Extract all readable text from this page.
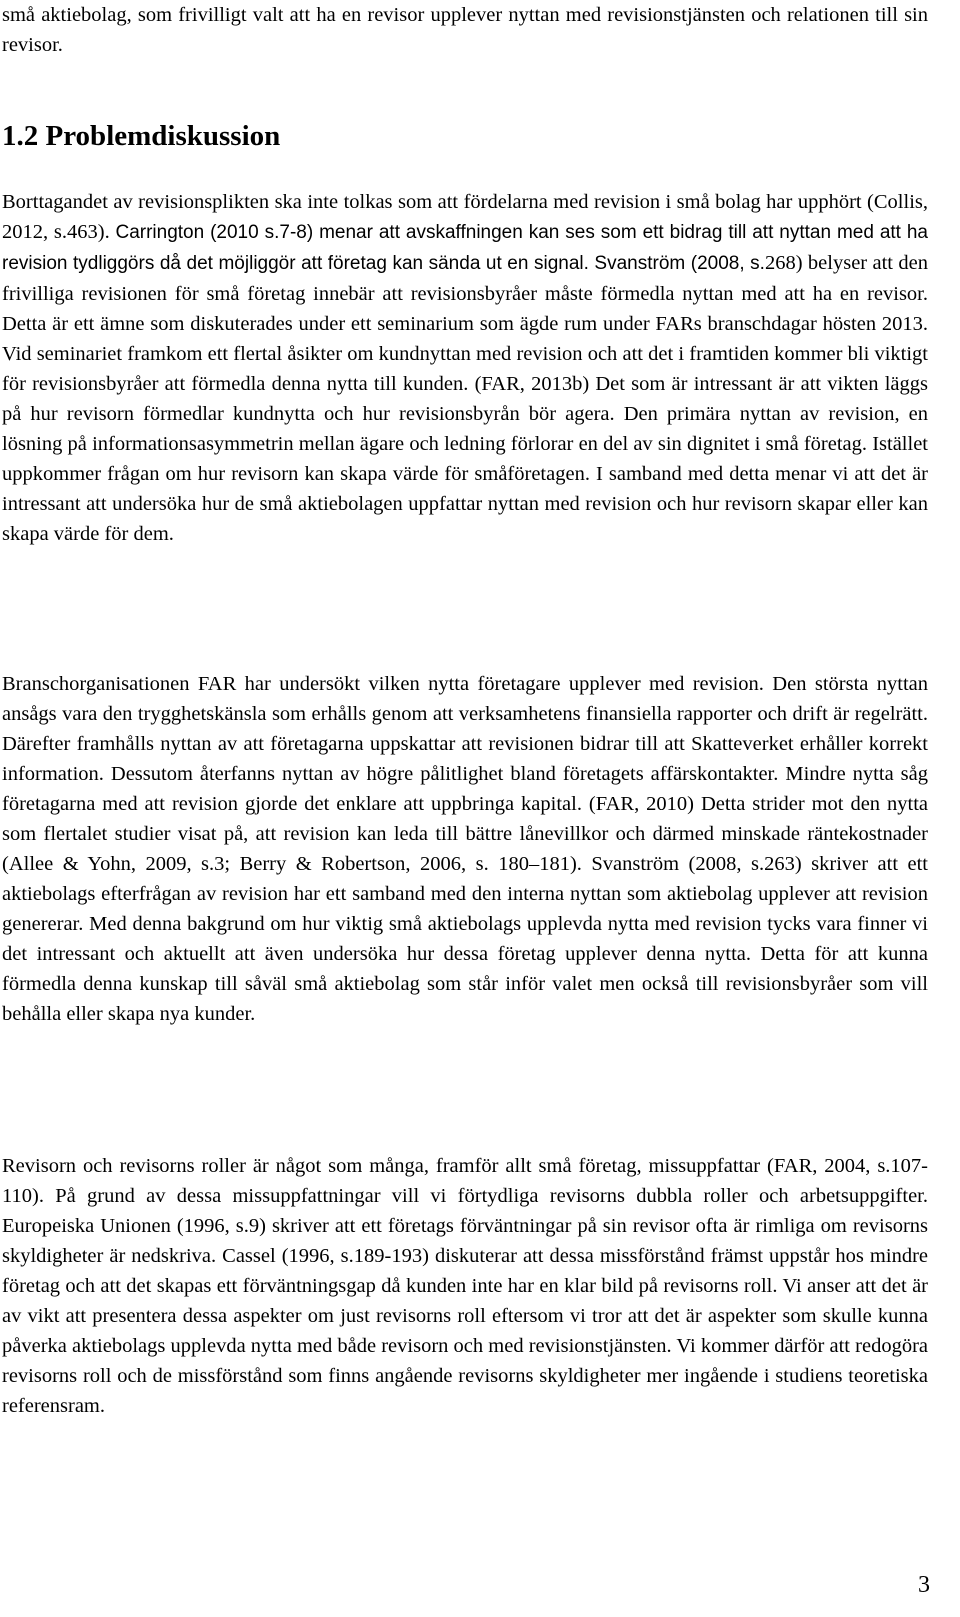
små aktiebolag, som frivilligt valt att ha en revisor upplever nyttan med revisionstjänsten och relationen till sin revisor.

1.2 Problemdiskussion

Borttagandet av revisionsplikten ska inte tolkas som att fördelarna med revision i små bolag har upphört (Collis, 2012, s.463). Carrington (2010 s.7-8) menar att avskaffningen kan ses som ett bidrag till att nyttan med att ha revision tydliggörs då det möjliggör att företag kan sända ut en signal. Svanström (2008, s.268) belyser att den frivilliga revisionen för små företag innebär att revisionsbyråer måste förmedla nyttan med att ha en revisor. Detta är ett ämne som diskuterades under ett seminarium som ägde rum under FARs branschdagar hösten 2013. Vid seminariet framkom ett flertal åsikter om kundnyttan med revision och att det i framtiden kommer bli viktigt för revisionsbyråer att förmedla denna nytta till kunden. (FAR, 2013b) Det som är intressant är att vikten läggs på hur revisorn förmedlar kundnytta och hur revisionsbyrån bör agera. Den primära nyttan av revision, en lösning på informationsasymmetrin mellan ägare och ledning förlorar en del av sin dignitet i små företag. Istället uppkommer frågan om hur revisorn kan skapa värde för småföretagen. I samband med detta menar vi att det är intressant att undersöka hur de små aktiebolagen uppfattar nyttan med revision och hur revisorn skapar eller kan skapa värde för dem.

Branschorganisationen FAR har undersökt vilken nytta företagare upplever med revision. Den största nyttan ansågs vara den trygghetskänsla som erhålls genom att verksamhetens finansiella rapporter och drift är regelrätt. Därefter framhålls nyttan av att företagarna uppskattar att revisionen bidrar till att Skatteverket erhåller korrekt information. Dessutom återfanns nyttan av högre pålitlighet bland företagets affärskontakter. Mindre nytta såg företagarna med att revision gjorde det enklare att uppbringa kapital. (FAR, 2010) Detta strider mot den nytta som flertalet studier visat på, att revision kan leda till bättre lånevillkor och därmed minskade räntekostnader (Allee & Yohn, 2009, s.3; Berry & Robertson, 2006, s. 180–181). Svanström (2008, s.263) skriver att ett aktiebolags efterfrågan av revision har ett samband med den interna nyttan som aktiebolag upplever att revision genererar. Med denna bakgrund om hur viktig små aktiebolags upplevda nytta med revision tycks vara finner vi det intressant och aktuellt att även undersöka hur dessa företag upplever denna nytta. Detta för att kunna förmedla denna kunskap till såväl små aktiebolag som står inför valet men också till revisionsbyråer som vill behålla eller skapa nya kunder.

Revisorn och revisorns roller är något som många, framför allt små företag, missuppfattar (FAR, 2004, s.107-110). På grund av dessa missuppfattningar vill vi förtydliga revisorns dubbla roller och arbetsuppgifter. Europeiska Unionen (1996, s.9) skriver att ett företags förväntningar på sin revisor ofta är rimliga om revisorns skyldigheter är nedskriva. Cassel (1996, s.189-193) diskuterar att dessa missförstånd främst uppstår hos mindre företag och att det skapas ett förväntningsgap då kunden inte har en klar bild på revisorns roll. Vi anser att det är av vikt att presentera dessa aspekter om just revisorns roll eftersom vi tror att det är aspekter som skulle kunna påverka aktiebolags upplevda nytta med både revisorn och med revisionstjänsten. Vi kommer därför att redogöra revisorns roll och de missförstånd som finns angående revisorns skyldigheter mer ingående i studiens teoretiska referensram.

3
